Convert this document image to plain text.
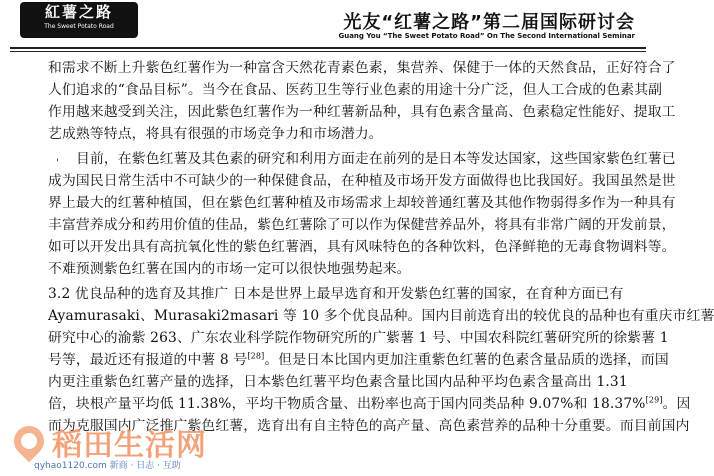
紅薯之路
The Sweet Potato Road	光友“红薯之路”第二届国际研讨会
Guang You “The Sweet Potato Road” On The Second International Seminar
'
和需求不断上升紫色红薯作为一种富含天然花青素色素，集营养、保健于一体的天然食品，正好符合了
人们追求的“食品目标”。当今在食品、医药卫生等行业色素的用途十分广泛，但人工合成的色素其副
作用越来越受到关注，因此紫色红薯作为一种红薯新品种，具有色素含量高、色素稳定性能好、提取工
艺成熟等特点，将具有很强的市场竞争力和市场潜力。
目前，在紫色红薯及其色素的研究和利用方面走在前列的是日本等发达国家，这些国家紫色红薯已
成为国民日常生活中不可缺少的一种保健食品，在种植及市场开发方面做得也比我国好。我国虽然是世
界上最大的红薯种植国，但在紫色红薯种植及市场需求上却较普通红薯及其他作物弱得多作为一种具有
丰富营养成分和药用价值的佳品，紫色红薯除了可以作为保健营养品外，将具有非常广阔的开发前景，
如可以开发出具有高抗氧化性的紫色红薯酒，具有风味特色的各种饮料，色泽鲜艳的无毒食物调料等。
不难预测紫色红薯在国内的市场一定可以很快地强势起来。
3.2 优良品种的选育及其推广 日本是世界上最早选育和开发紫色红薯的国家，在育种方面已有
Ayamurasaki、Murasaki2masari 等 10 多个优良品种。国内目前选育出的较优良的品种也有重庆市红薯
研究中心的渝紫 263、广东农业科学院作物研究所的广紫薯 1 号、中国农科院红薯研究所的徐紫薯 1
号等，最近还有报道的中薯 8 号[28]。但是日本比国内更加注重紫色红薯的色素含量品质的选择，而国
内更注重紫色红薯产量的选择，日本紫色红薯平均色素含量比国内品种平均色素含量高出 1.31
倍，块根产量平均低 11.38%，平均干物质含量、出粉率也高于国内同类品种 9.07%和 18.37%[29]。因
而为克服国内广泛推广紫色红薯，选育出有自主特色的高产量、高色素营养的品种十分重要。而目前国内
稻田生活网
qyhao1120.com 新商 · 日志 · 互助
